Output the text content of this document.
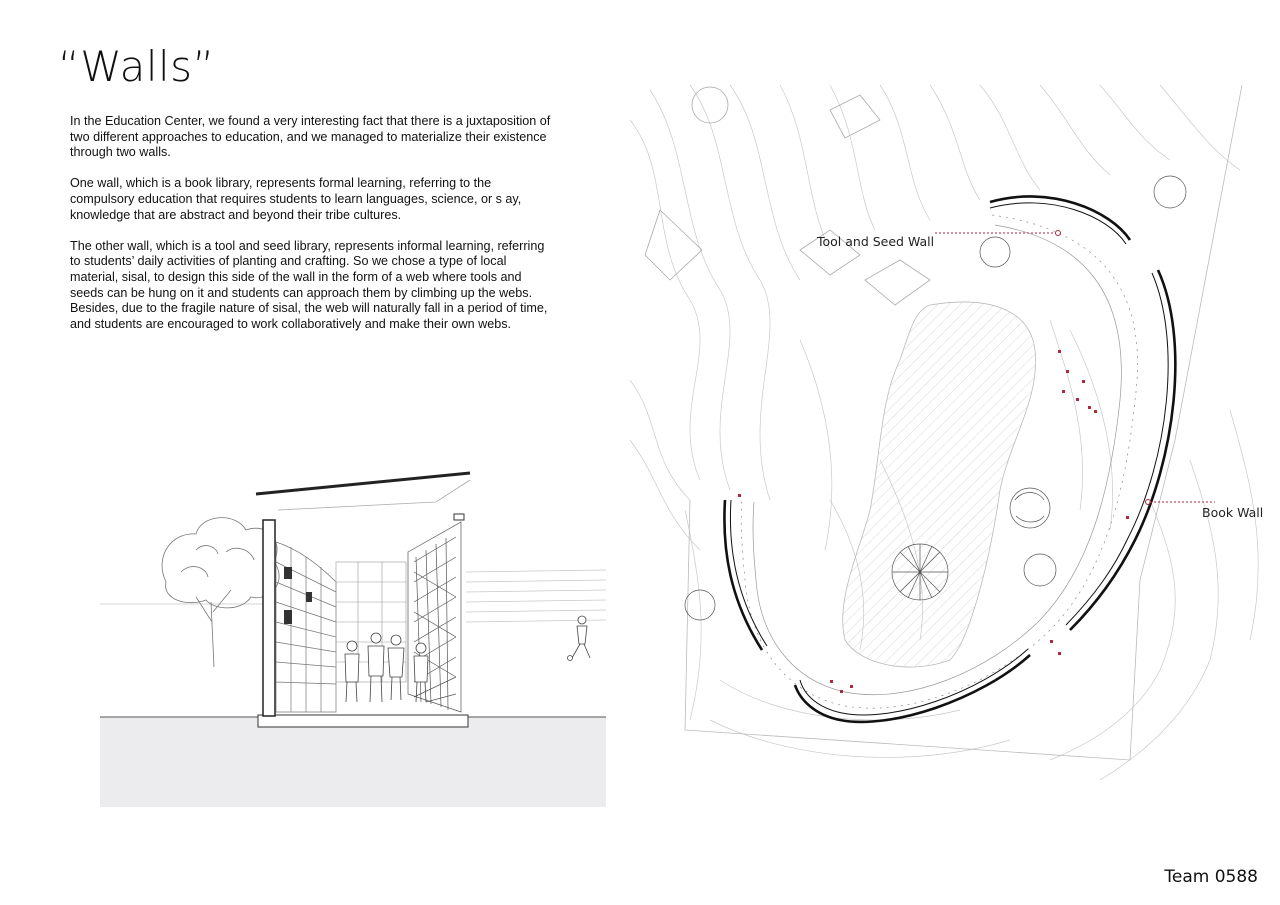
“Walls”

In the Education Center, we found a very interesting fact that there is a juxtaposition of two different approaches to education, and we managed to materialize their existence through two walls.

One wall, which is a book library, represents formal learning, referring to the compulsory education that requires students to learn languages, science, or s ay, knowledge that are abstract and beyond their tribe cultures.

The other wall, which is a tool and seed library, represents informal learning, referring to students’ daily activities of planting and crafting. So we chose a type of local material, sisal, to design this side of the wall in the form of a web where tools and seeds can be hung on it and students can approach them by climbing up the webs. Besides, due to the fragile nature of sisal, the web will naturally fall in a period of time, and students are encouraged to work collaboratively and make their own webs.

Tool and Seed Wall
Book Wall
Team 0588
